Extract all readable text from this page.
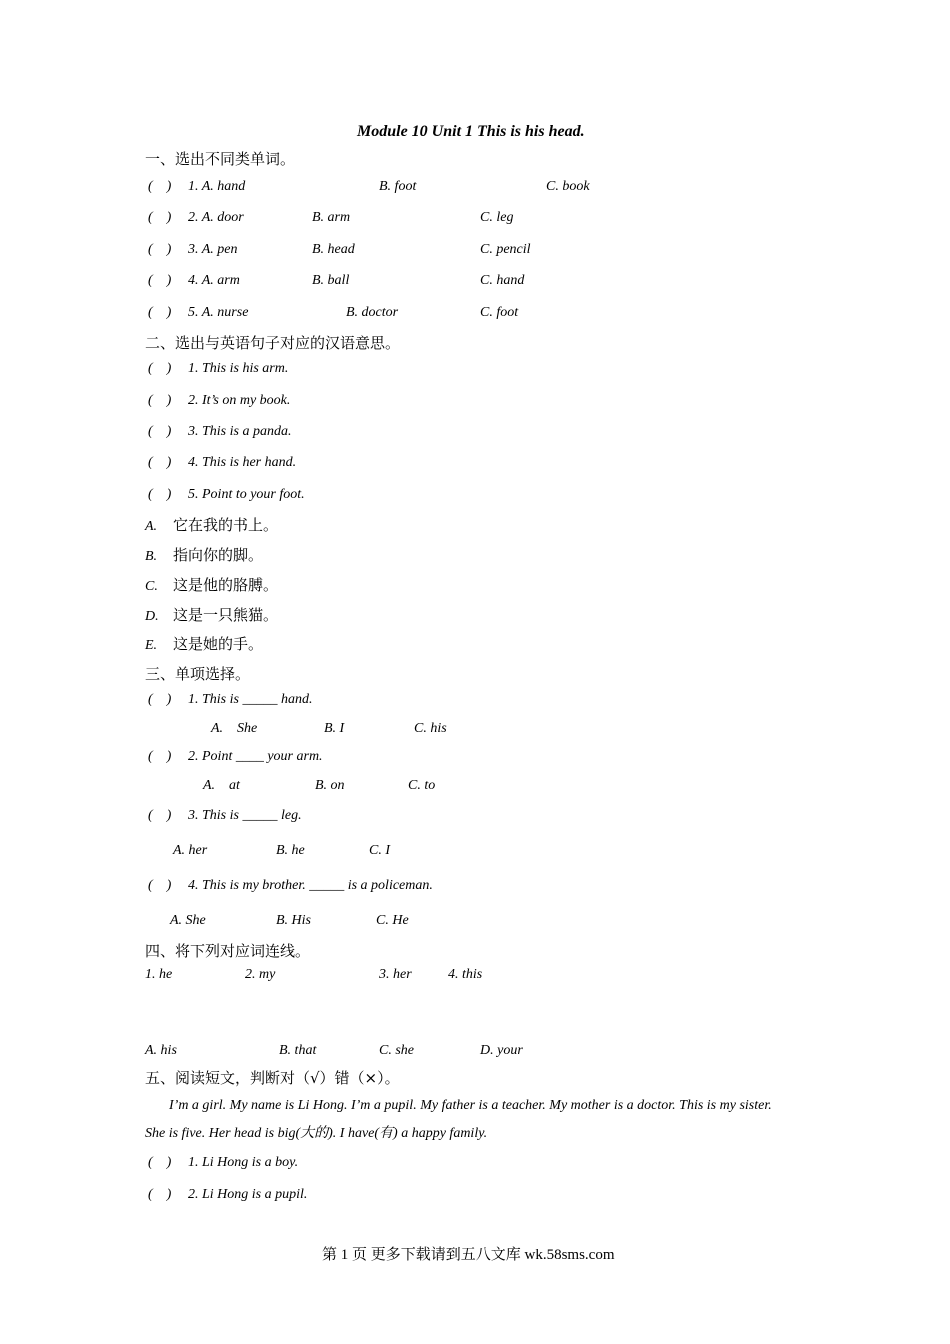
Module 10 Unit 1 This is his head.
一、选出不同类单词。
(    ) 1. A. hand	B. foot	C. book
(    ) 2. A. door	B. arm	C. leg
(    ) 3. A. pen	B. head	C. pencil
(    ) 4. A. arm	B. ball	C. hand
(    ) 5. A. nurse	B. doctor	C. foot
二、选出与英语句子对应的汉语意思。
(    ) 1. This is his arm.
(    ) 2. It’s on my book.
(    ) 3. This is a panda.
(    ) 4. This is her hand.
(    ) 5. Point to your foot.
A. 它在我的书上。
B. 指向你的脚。
C. 这是他的胳膊。
D. 这是一只熊猫。
E. 这是她的手。
三、单项选择。
(    ) 1. This is _____ hand.
A.    She	B. I	C. his
(    ) 2. Point ____ your arm.
A.    at	B. on	C. to
(    ) 3. This is _____ leg.
A. her	B. he	C. I
(    ) 4. This is my brother. _____ is a policeman.
A. She	B. His	C. He
四、将下列对应词连线。
1. he	2. my	3. her	4. this
A. his	B. that	C. she	D. your
五、阅读短文，判断对（√）错（×）。
I’m a girl. My name is Li Hong. I’m a pupil. My father is a teacher. My mother is a doctor. This is my sister.
She is five. Her head is big(大的). I have(有) a happy family.
(    ) 1. Li Hong is a boy.
(    ) 2. Li Hong is a pupil.
第 1 页 更多下载请到五八文库 wk.58sms.com
